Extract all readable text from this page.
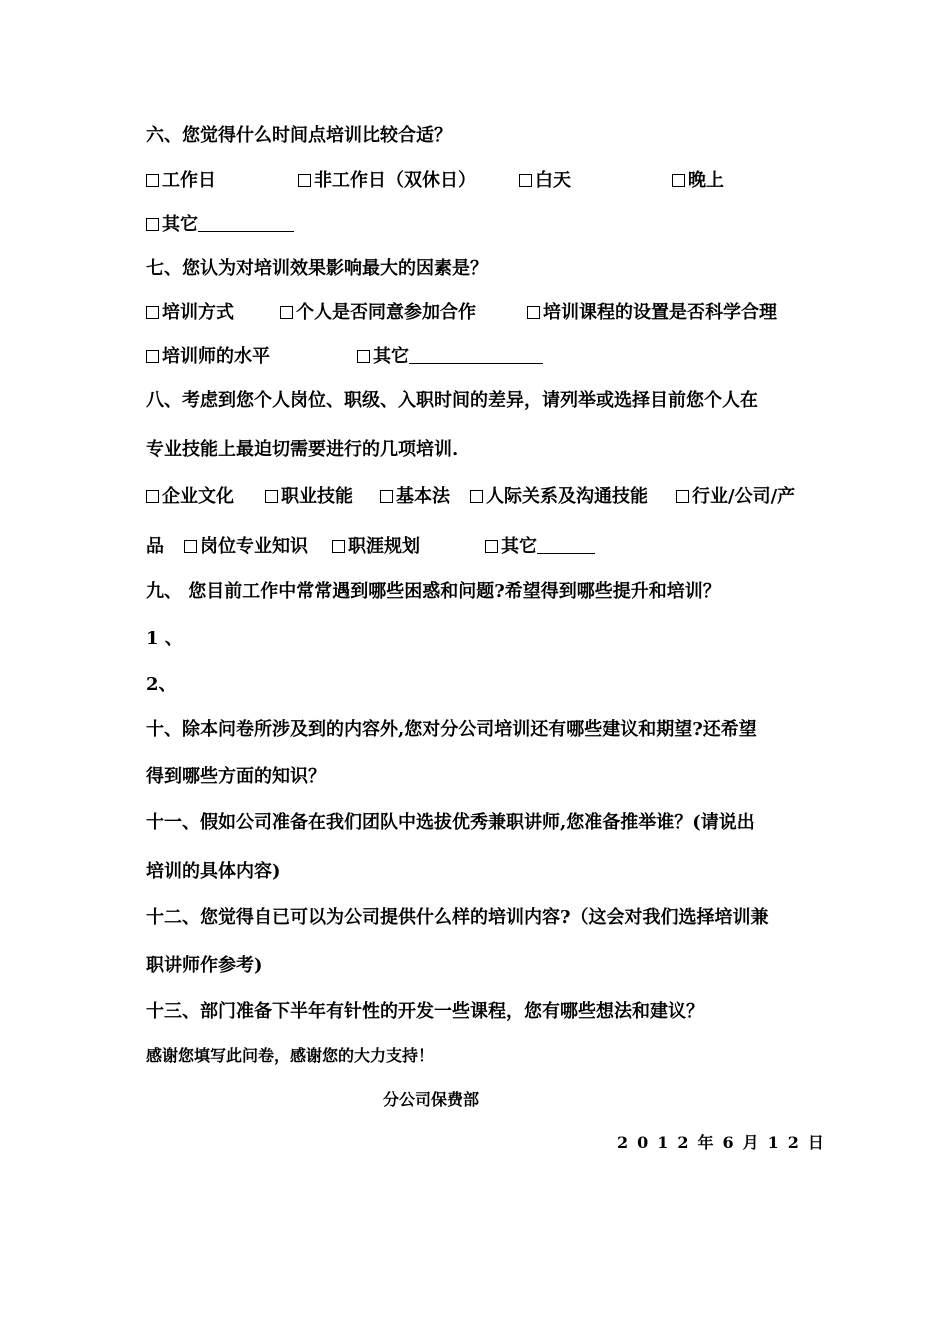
六、您觉得什么时间点培训比较合适？
工作日	非工作日（双休日）	白天	晚上
其它
七、您认为对培训效果影响最大的因素是？
培训方式	个人是否同意参加合作	培训课程的设置是否科学合理
培训师的水平	其它
八、考虑到您个人岗位、职级、入职时间的差异，请列举或选择目前您个人在
专业技能上最迫切需要进行的几项培训.
企业文化	职业技能	基本法	人际关系及沟通技能	行业/公司/产
品	岗位专业知识	职涯规划	其它
九、 您目前工作中常常遇到哪些困惑和问题?希望得到哪些提升和培训？
1 、
2、
十、除本问卷所涉及到的内容外,您对分公司培训还有哪些建议和期望?还希望
得到哪些方面的知识？
十一、假如公司准备在我们团队中选拔优秀兼职讲师,您准备推举谁？(请说出
培训的具体内容)
十二、您觉得自已可以为公司提供什么样的培训内容?（这会对我们选择培训兼
职讲师作参考)
十三、部门准备下半年有针性的开发一些课程，您有哪些想法和建议？
感谢您填写此问卷，感谢您的大力支持！
分公司保费部
2012年6月12日
